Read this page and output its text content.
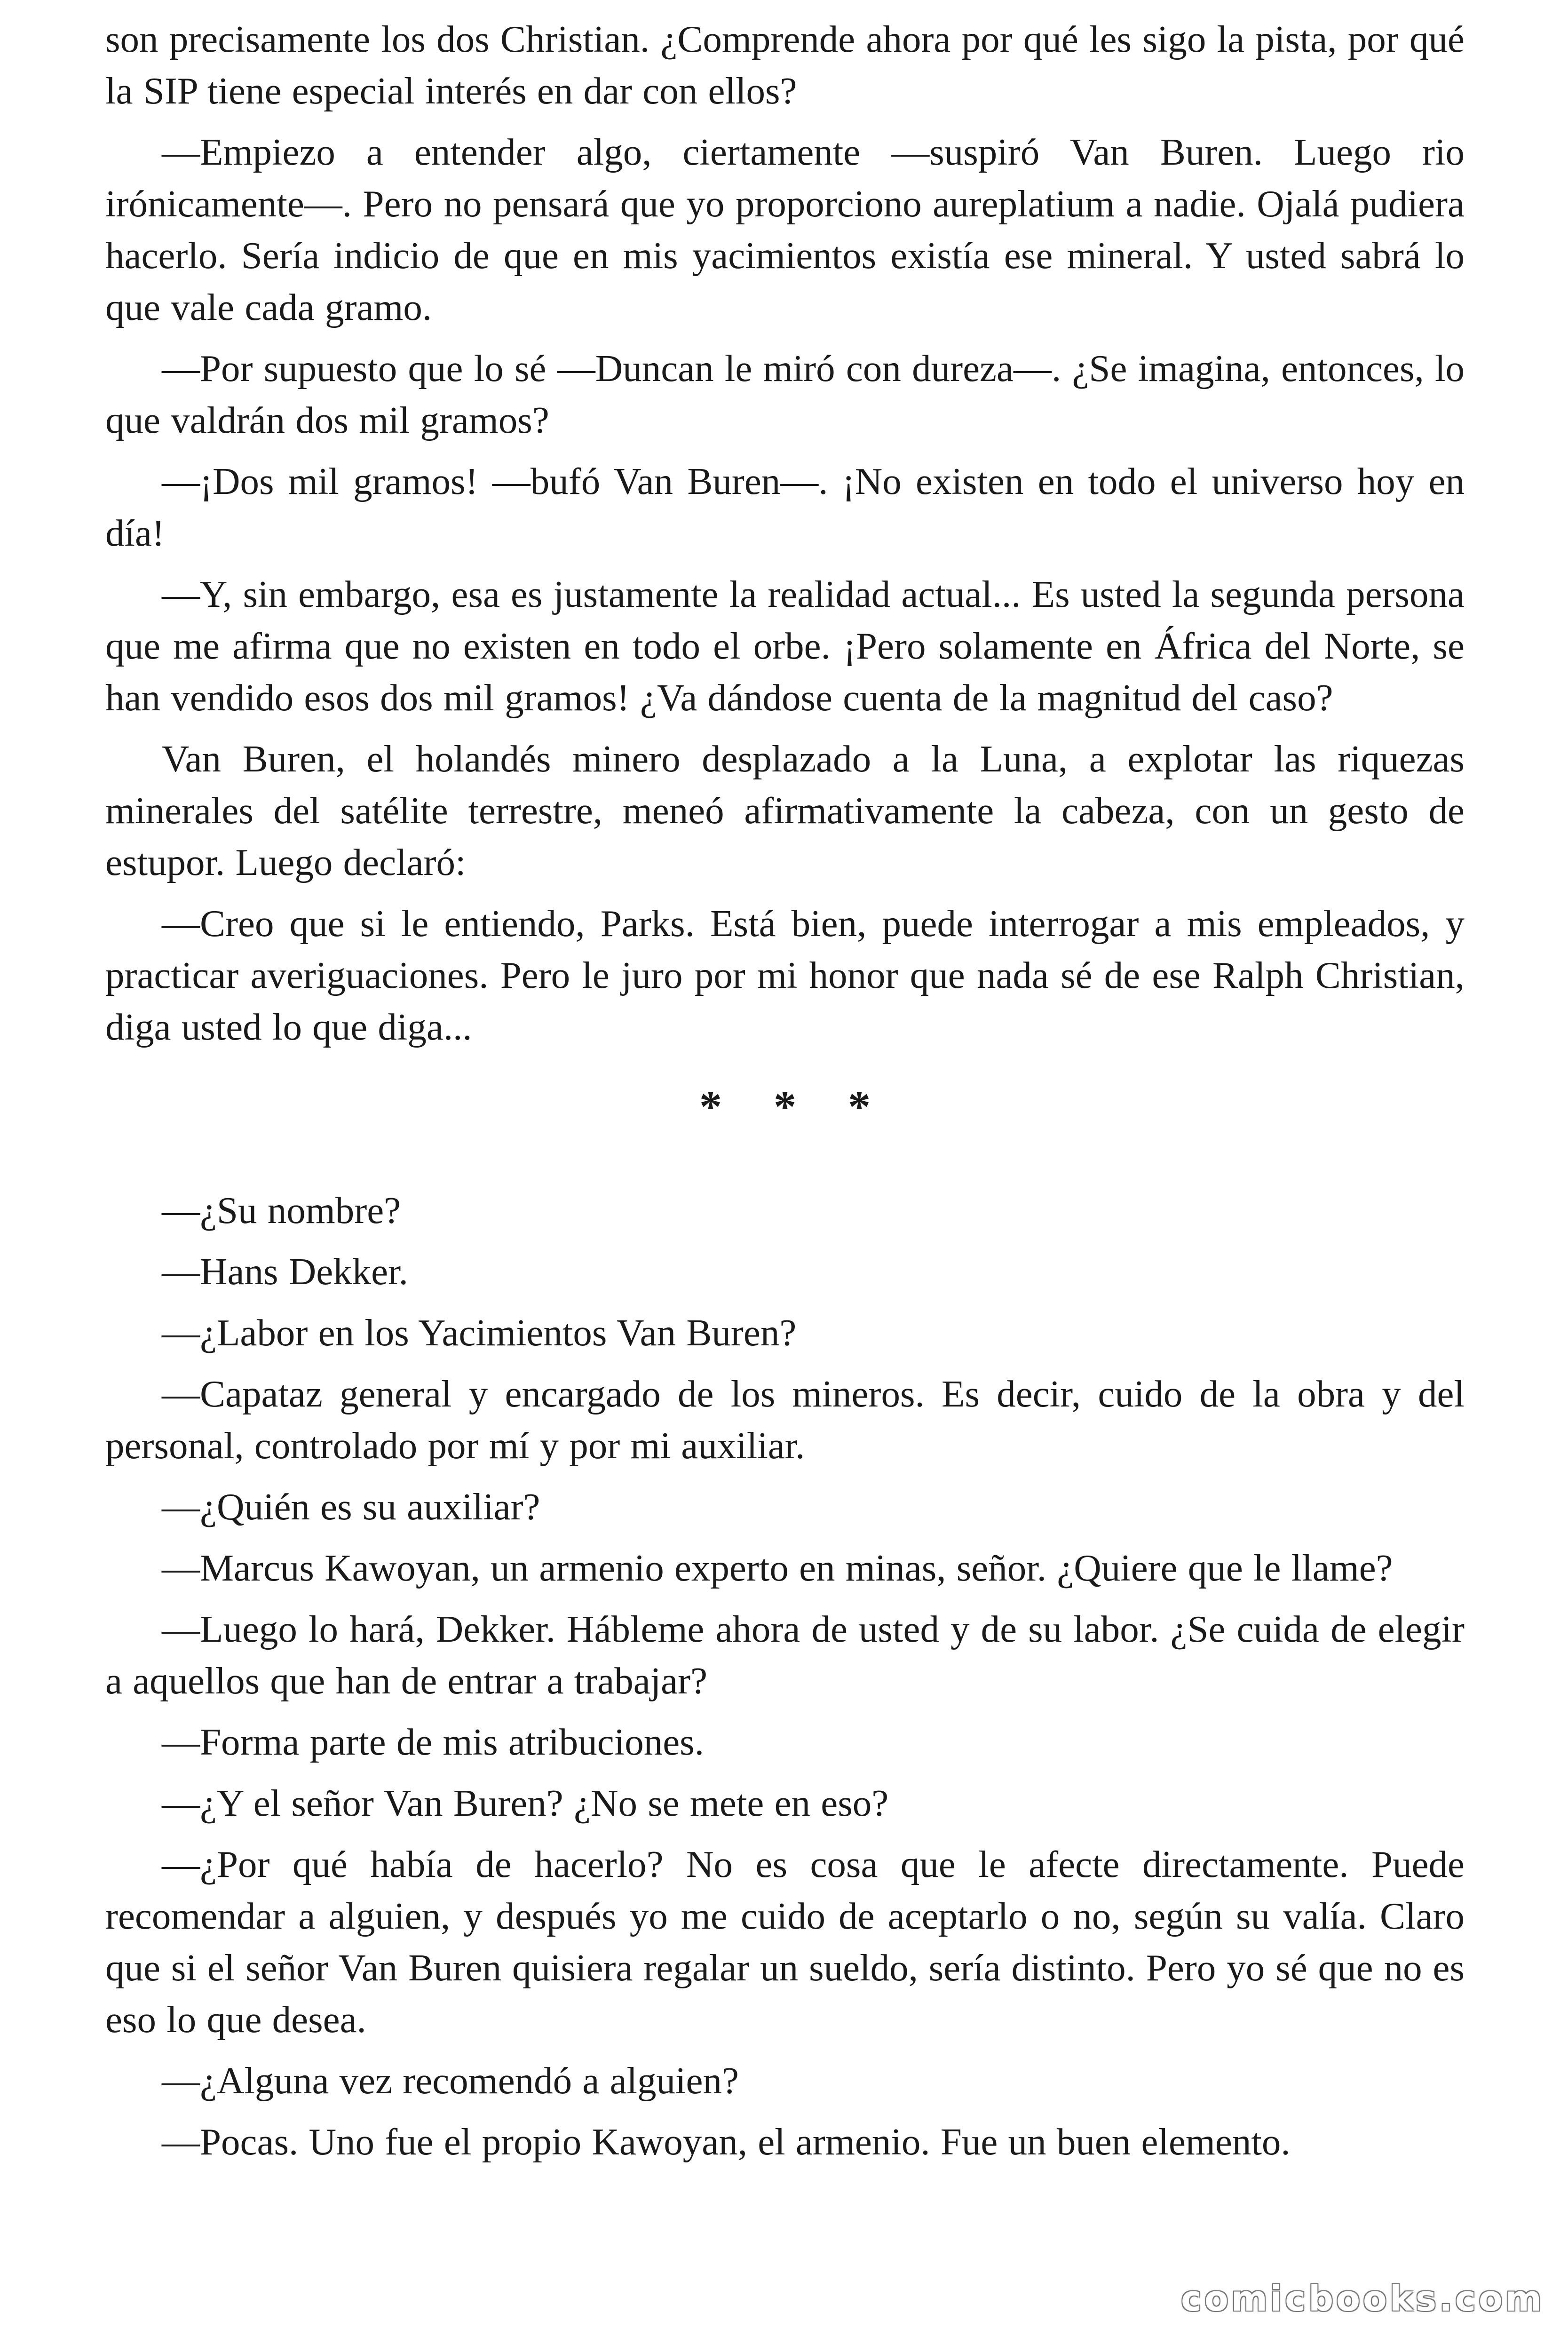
son precisamente los dos Christian. ¿Comprende ahora por qué les sigo la pista, por qué la SIP tiene especial interés en dar con ellos?

—Empiezo a entender algo, ciertamente —suspiró Van Buren. Luego rio irónicamente—. Pero no pensará que yo proporciono aureplatium a nadie. Ojalá pudiera hacerlo. Sería indicio de que en mis yacimientos existía ese mineral. Y usted sabrá lo que vale cada gramo.

—Por supuesto que lo sé —Duncan le miró con dureza—. ¿Se imagina, entonces, lo que valdrán dos mil gramos?

—¡Dos mil gramos! —bufó Van Buren—. ¡No existen en todo el universo hoy en día!

—Y, sin embargo, esa es justamente la realidad actual... Es usted la segunda persona que me afirma que no existen en todo el orbe. ¡Pero solamente en África del Norte, se han vendido esos dos mil gramos! ¿Va dándose cuenta de la magnitud del caso?

Van Buren, el holandés minero desplazado a la Luna, a explotar las riquezas minerales del satélite terrestre, meneó afirmativamente la cabeza, con un gesto de estupor. Luego declaró:

—Creo que si le entiendo, Parks. Está bien, puede interrogar a mis empleados, y practicar averiguaciones. Pero le juro por mi honor que nada sé de ese Ralph Christian, diga usted lo que diga...

***

—¿Su nombre?

—Hans Dekker.

—¿Labor en los Yacimientos Van Buren?

—Capataz general y encargado de los mineros. Es decir, cuido de la obra y del personal, controlado por mí y por mi auxiliar.

—¿Quién es su auxiliar?

—Marcus Kawoyan, un armenio experto en minas, señor. ¿Quiere que le llame?

—Luego lo hará, Dekker. Hábleme ahora de usted y de su labor. ¿Se cuida de elegir a aquellos que han de entrar a trabajar?

—Forma parte de mis atribuciones.

—¿Y el señor Van Buren? ¿No se mete en eso?

—¿Por qué había de hacerlo? No es cosa que le afecte directamente. Puede recomendar a alguien, y después yo me cuido de aceptarlo o no, según su valía. Claro que si el señor Van Buren quisiera regalar un sueldo, sería distinto. Pero yo sé que no es eso lo que desea.

—¿Alguna vez recomendó a alguien?

—Pocas. Uno fue el propio Kawoyan, el armenio. Fue un buen elemento.

comicbooks.com
